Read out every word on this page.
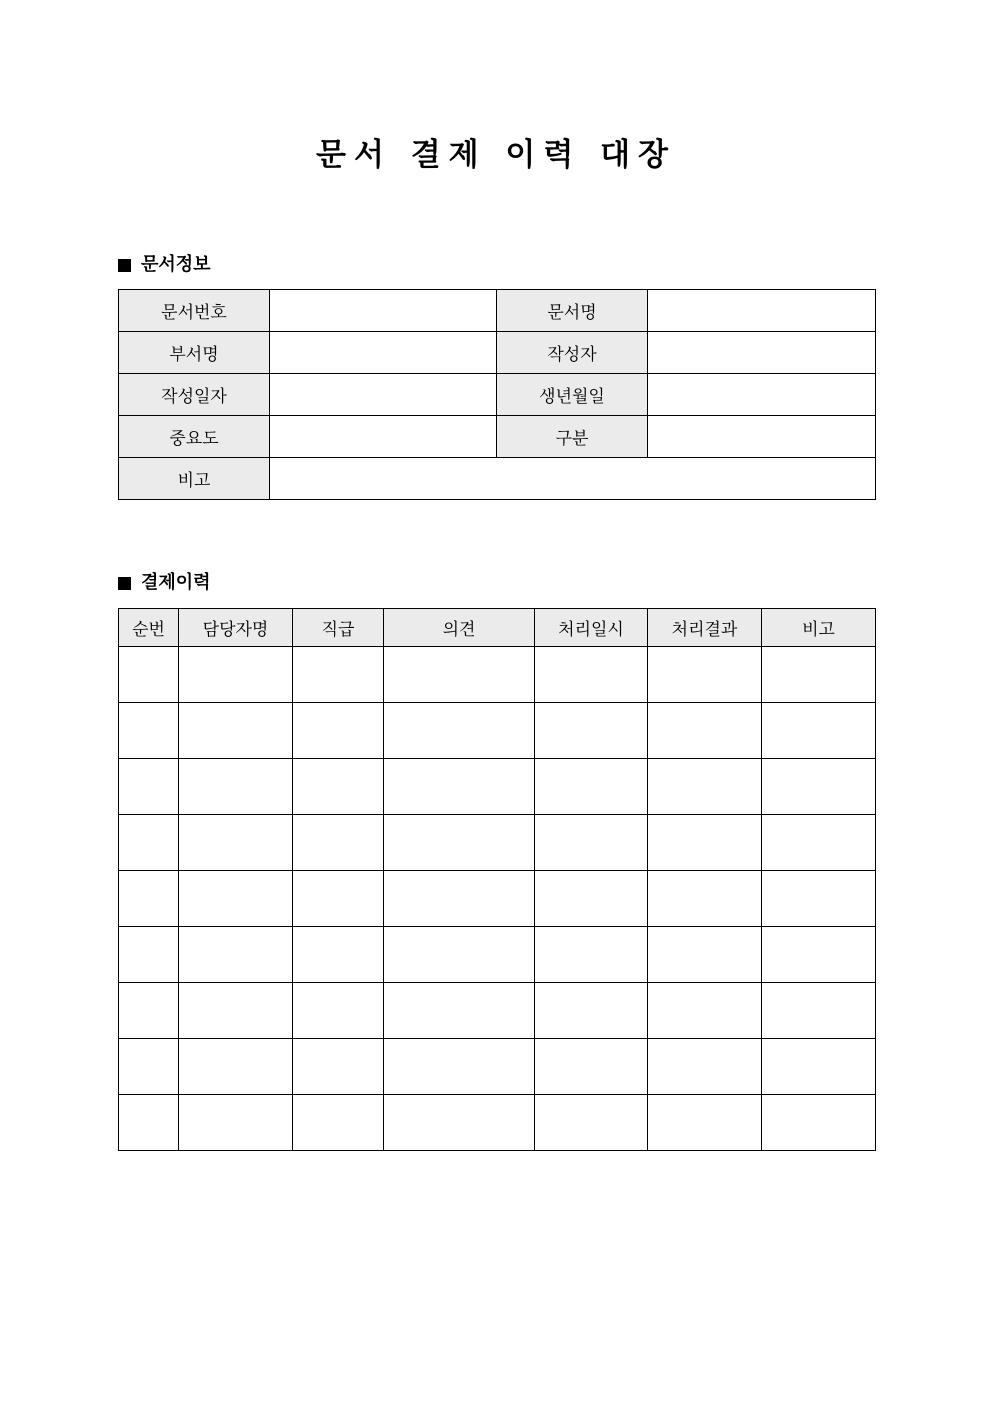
문서 결제 이력 대장
문서정보
문서번호		문서명	
부서명		작성자	
작성일자		생년월일	
중요도		구분	
비고			
결제이력
순번	담당자명	직급	의견	처리일시	처리결과	비고
